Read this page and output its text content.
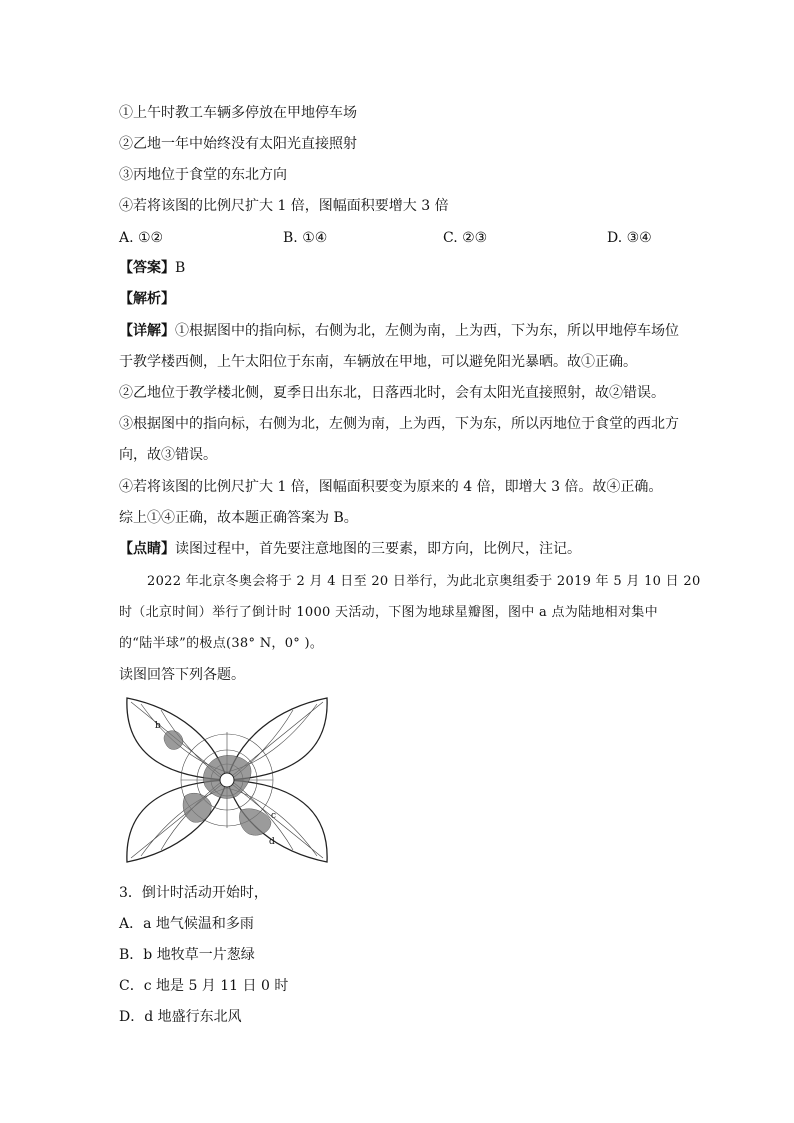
①上午时教工车辆多停放在甲地停车场
②乙地一年中始终没有太阳光直接照射
③丙地位于食堂的东北方向
④若将该图的比例尺扩大 1 倍，图幅面积要增大 3 倍
A. ①②	B. ①④	C. ②③	D. ③④
【答案】B
【解析】
【详解】①根据图中的指向标，右侧为北，左侧为南，上为西，下为东，所以甲地停车场位
于教学楼西侧，上午太阳位于东南，车辆放在甲地，可以避免阳光暴晒。故①正确。
②乙地位于教学楼北侧，夏季日出东北，日落西北时，会有太阳光直接照射，故②错误。
③根据图中的指向标，右侧为北，左侧为南，上为西，下为东，所以丙地位于食堂的西北方
向，故③错误。
④若将该图的比例尺扩大 1 倍，图幅面积要变为原来的 4 倍，即增大 3 倍。故④正确。
综上①④正确，故本题正确答案为 B。
【点睛】读图过程中，首先要注意地图的三要素，即方向，比例尺，注记。
2022 年北京冬奥会将于 2 月 4 日至 20 日举行，为此北京奥组委于 2019 年 5 月 10 日 20
时（北京时间）举行了倒计时 1000 天活动，下图为地球星瓣图，图中 a 点为陆地相对集中
的“陆半球”的极点(38° N，0° )。
读图回答下列各题。
b
c
d
3．倒计时活动开始时，
A．a 地气候温和多雨
B．b 地牧草一片葱绿
C．c 地是 5 月 11 日 0 时
D．d 地盛行东北风
